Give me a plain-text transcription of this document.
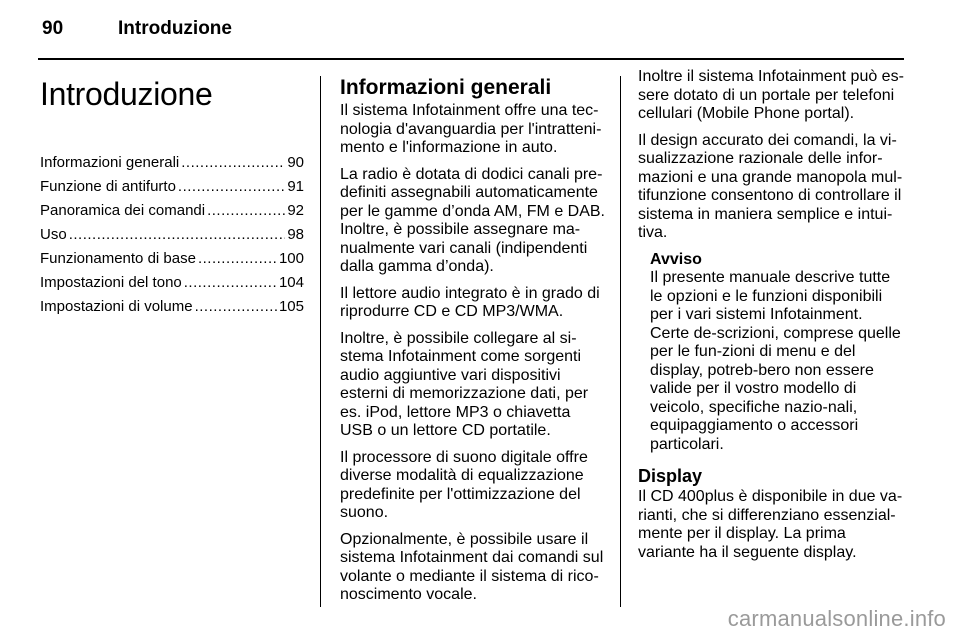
90	Introduzione
Introduzione
Informazioni generali .....	90
Funzione di antifurto .....	91
Panoramica dei comandi .....	92
Uso .....	98
Funzionamento di base .....	100
Impostazioni del tono .....	104
Impostazioni di volume .....	105
Informazioni generali

Il sistema Infotainment offre una tec-nologia d'avanguardia per l'intratteni-mento e l'informazione in auto.

La radio è dotata di dodici canali pre-definiti assegnabili automaticamente per le gamme d’onda AM, FM e DAB. Inoltre, è possibile assegnare ma-nualmente vari canali (indipendenti dalla gamma d’onda).

Il lettore audio integrato è in grado di riprodurre CD e CD MP3/WMA.

Inoltre, è possibile collegare al si-stema Infotainment come sorgenti audio aggiuntive vari dispositivi esterni di memorizzazione dati, per es. iPod, lettore MP3 o chiavetta USB o un lettore CD portatile.

Il processore di suono digitale offre diverse modalità di equalizzazione predefinite per l'ottimizzazione del suono.

Opzionalmente, è possibile usare il sistema Infotainment dai comandi sul volante o mediante il sistema di rico-noscimento vocale.

Inoltre il sistema Infotainment può es-sere dotato di un portale per telefoni cellulari (Mobile Phone portal).

Il design accurato dei comandi, la vi-sualizzazione razionale delle infor-mazioni e una grande manopola mul-tifunzione consentono di controllare il sistema in maniera semplice e intui-tiva.

Avviso
Il presente manuale descrive tutte le opzioni e le funzioni disponibili per i vari sistemi Infotainment. Certe de-scrizioni, comprese quelle per le fun-zioni di menu e del display, potreb-bero non essere valide per il vostro modello di veicolo, specifiche nazio-nali, equipaggiamento o accessori particolari.
Display

Il CD 400plus è disponibile in due va-rianti, che si differenziano essenzial-mente per il display. La prima variante ha il seguente display.

carmanualsonline.info
